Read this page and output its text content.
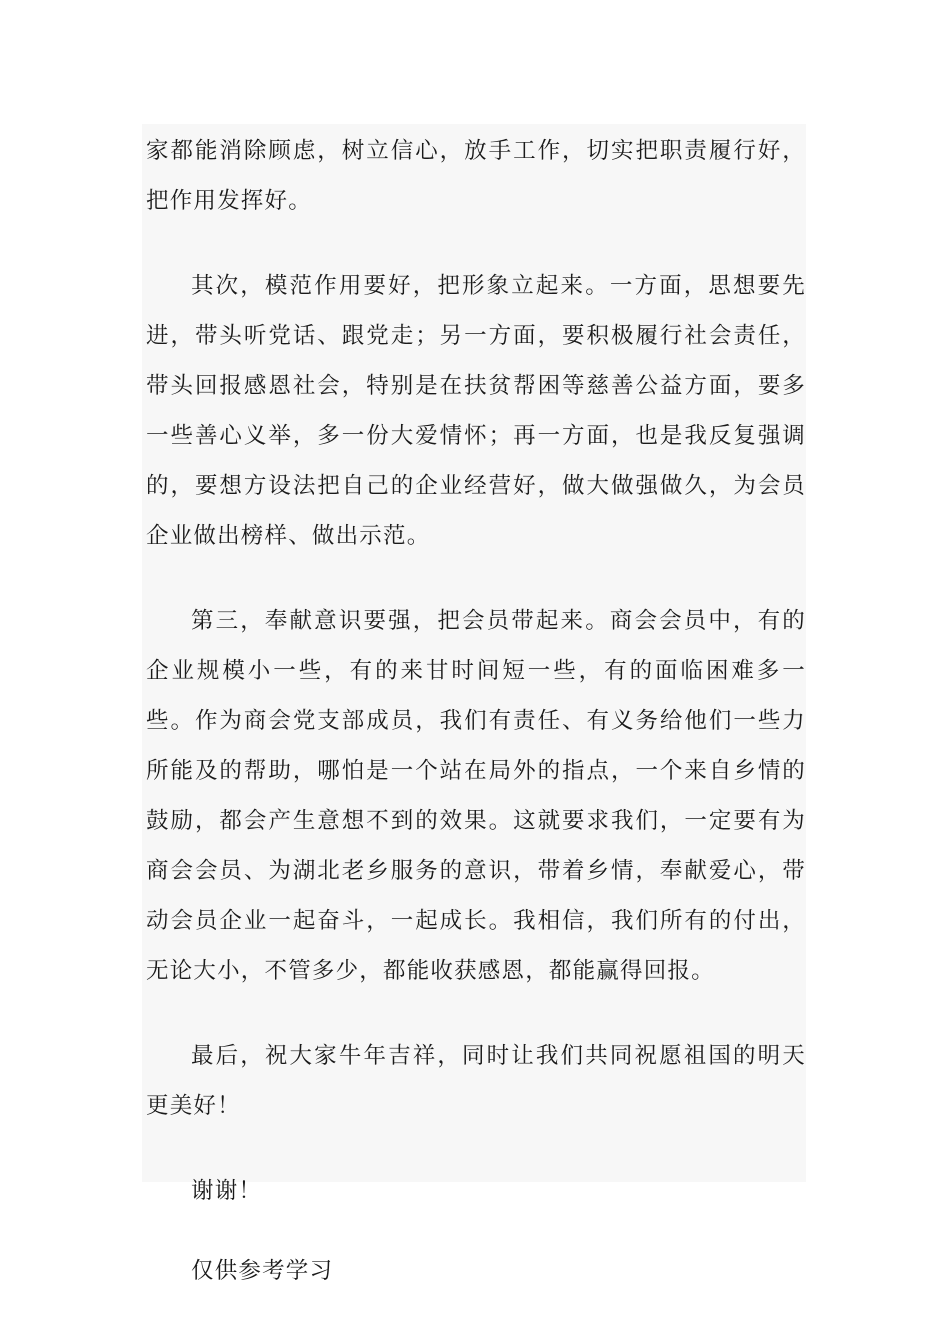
家都能消除顾虑，树立信心，放手工作，切实把职责履行好，把作用发挥好。

其次，模范作用要好，把形象立起来。一方面，思想要先进，带头听党话、跟党走；另一方面，要积极履行社会责任，带头回报感恩社会，特别是在扶贫帮困等慈善公益方面，要多一些善心义举，多一份大爱情怀；再一方面，也是我反复强调的，要想方设法把自己的企业经营好，做大做强做久，为会员企业做出榜样、做出示范。

第三，奉献意识要强，把会员带起来。商会会员中，有的企业规模小一些，有的来甘时间短一些，有的面临困难多一些。作为商会党支部成员，我们有责任、有义务给他们一些力所能及的帮助，哪怕是一个站在局外的指点，一个来自乡情的鼓励，都会产生意想不到的效果。这就要求我们，一定要有为商会会员、为湖北老乡服务的意识，带着乡情，奉献爱心，带动会员企业一起奋斗，一起成长。我相信，我们所有的付出，无论大小，不管多少，都能收获感恩，都能赢得回报。

最后，祝大家牛年吉祥，同时让我们共同祝愿祖国的明天更美好！

谢谢！

仅供参考学习
